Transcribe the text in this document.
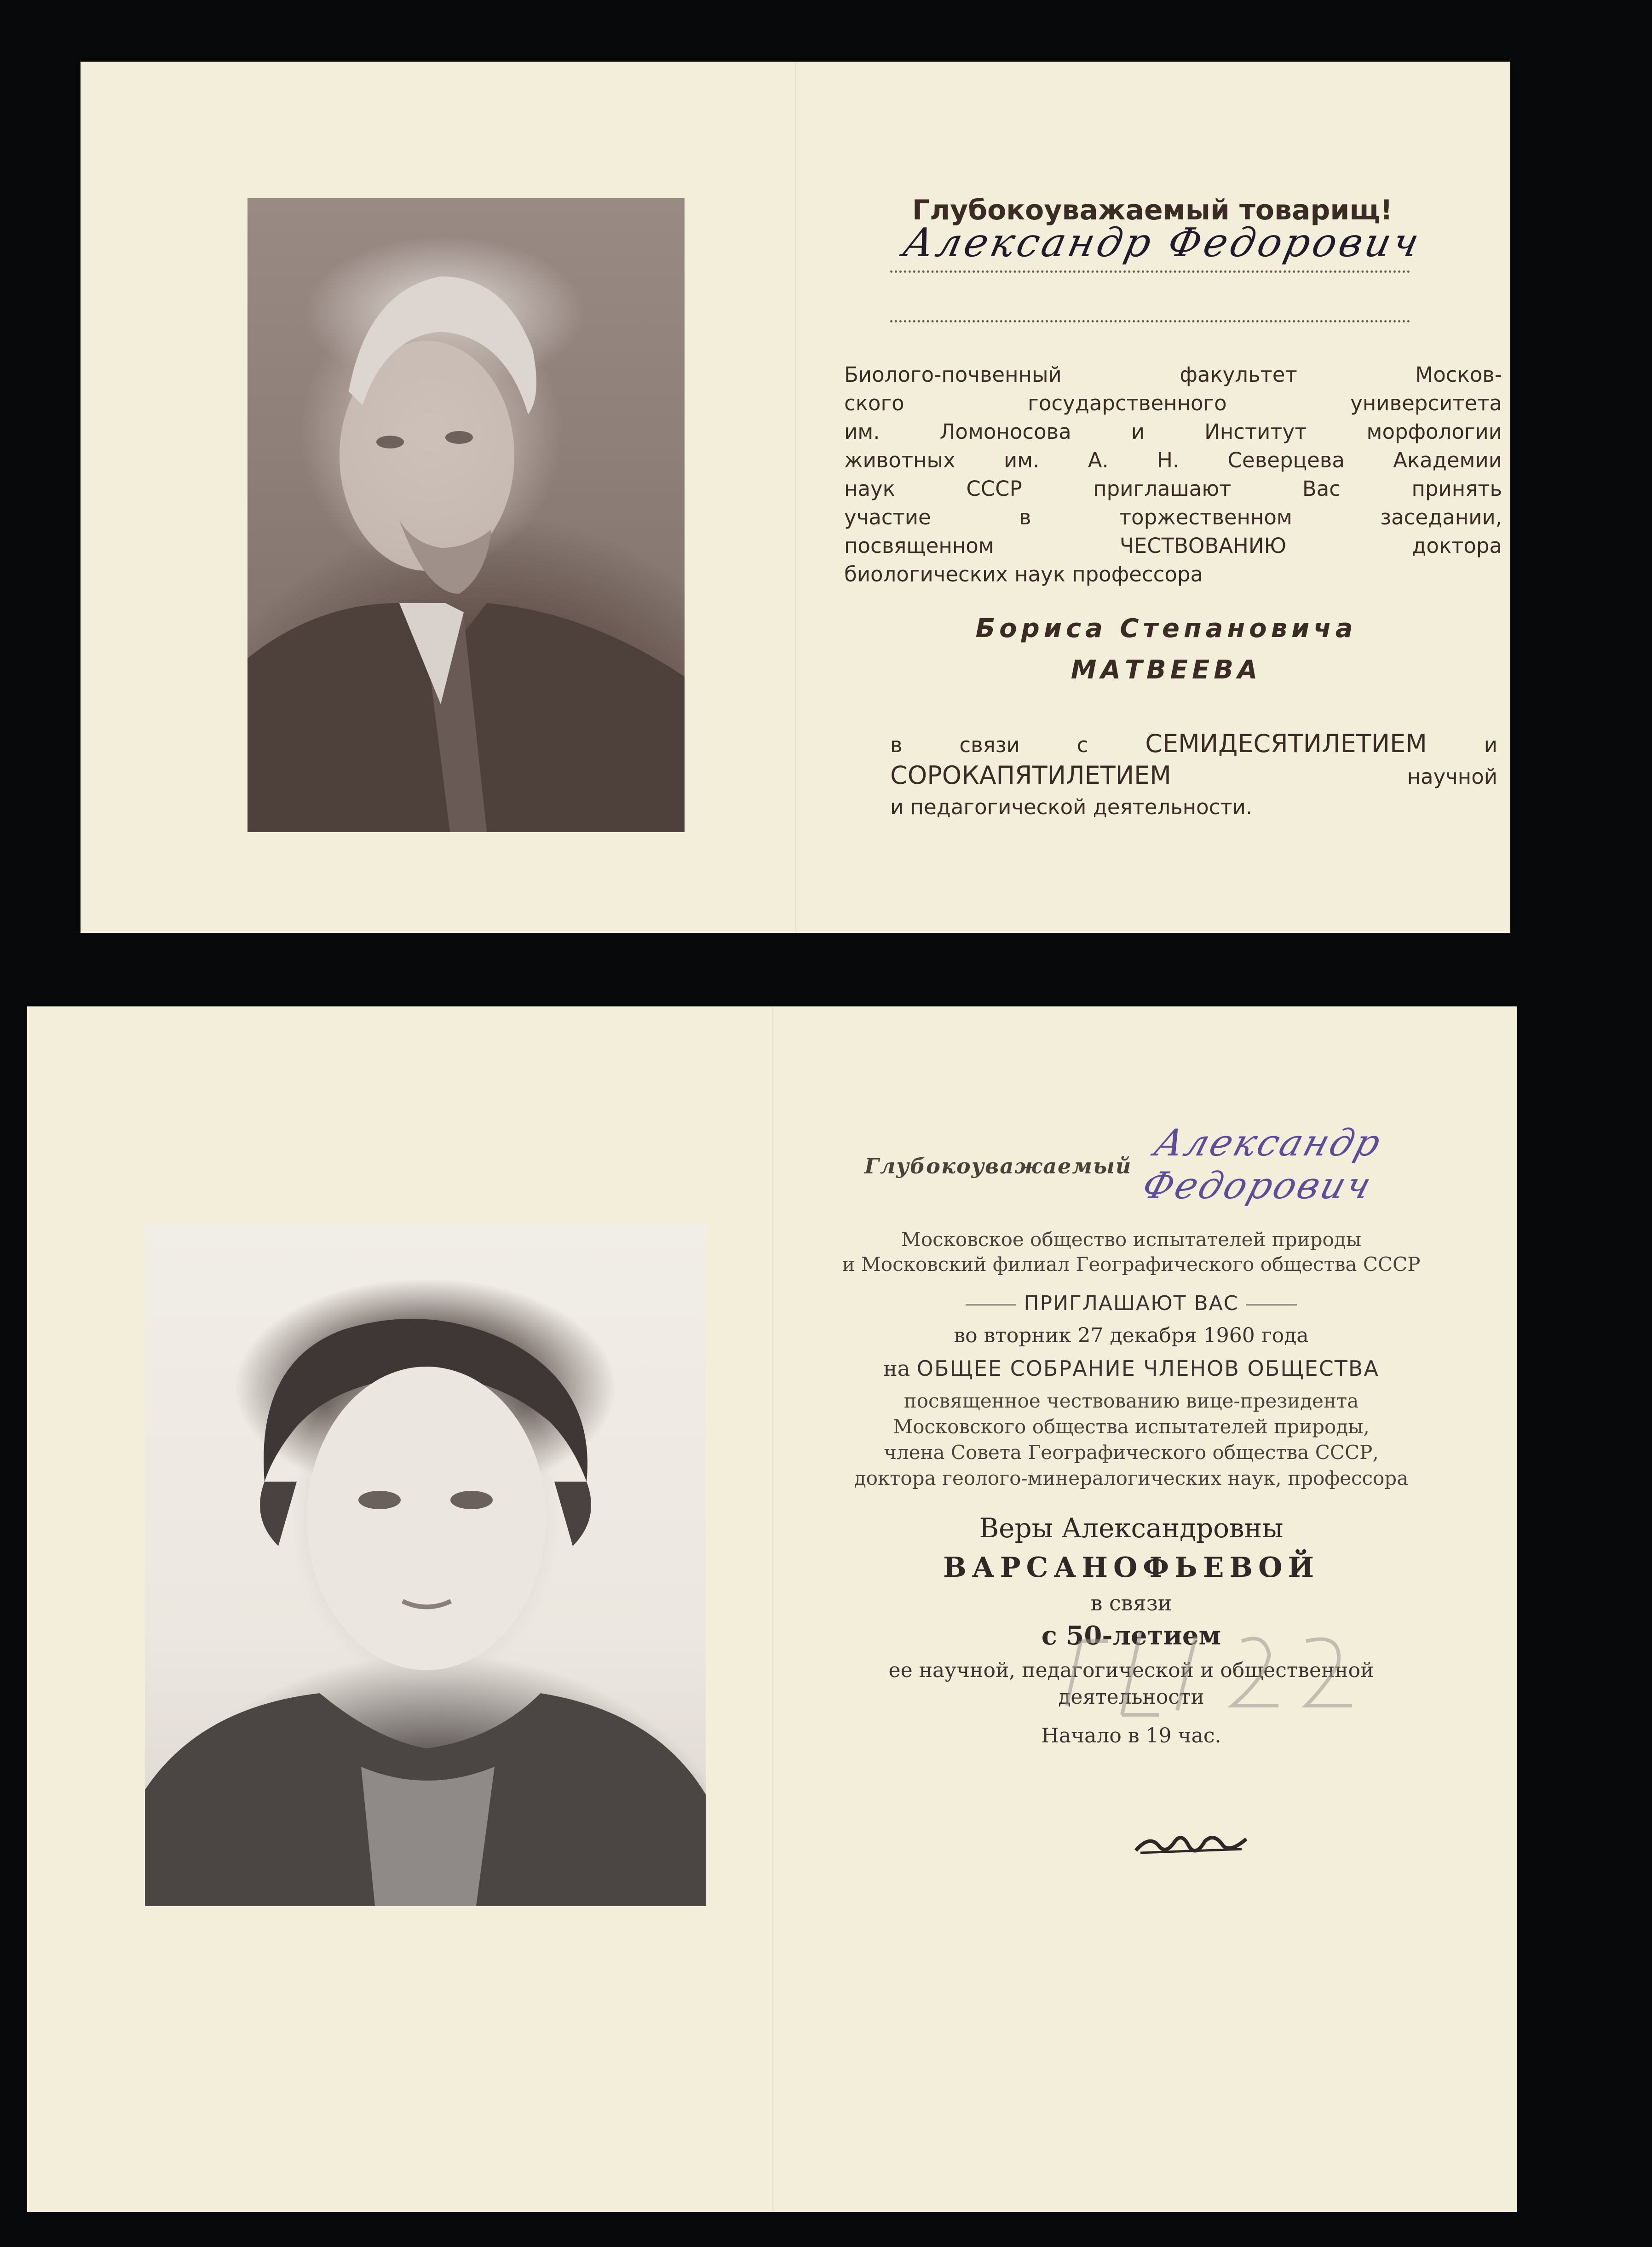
Глубокоуважаемый товарищ!
Александр Федорович
Биолого-почвенный факультет Москов-
ского государственного университета
им. Ломоносова и Институт морфологии
животных им. А. Н. Северцева Академии
наук СССР приглашают Вас принять
участие в торжественном заседании,
посвященном ЧЕСТВОВАНИЮ доктора
биологических наук профессора
Бориса Степановича
МАТВЕЕВА
в связи с СЕМИДЕСЯТИЛЕТИЕМ	и
СОРОКАПЯТИЛЕТИЕМ	научной
и педагогической деятельности.
Глубокоуважаемый
Александр Федорович
Московское общество испытателей природы
и Московский филиал Географического общества СССР
ПРИГЛАШАЮТ ВАС
во вторник 27 декабря 1960 года
на ОБЩЕЕ СОБРАНИЕ ЧЛЕНОВ ОБЩЕСТВА
посвященное чествованию вице-президента
Московского общества испытателей природы,
члена Совета Географического общества СССР,
доктора геолого-минералогических наук, профессора
Веры Александровны
ВАРСАНОФЬЕВОЙ
в связи
с 50-летием
ее научной, педагогической и общественной
деятельности
Начало в 19 час.
